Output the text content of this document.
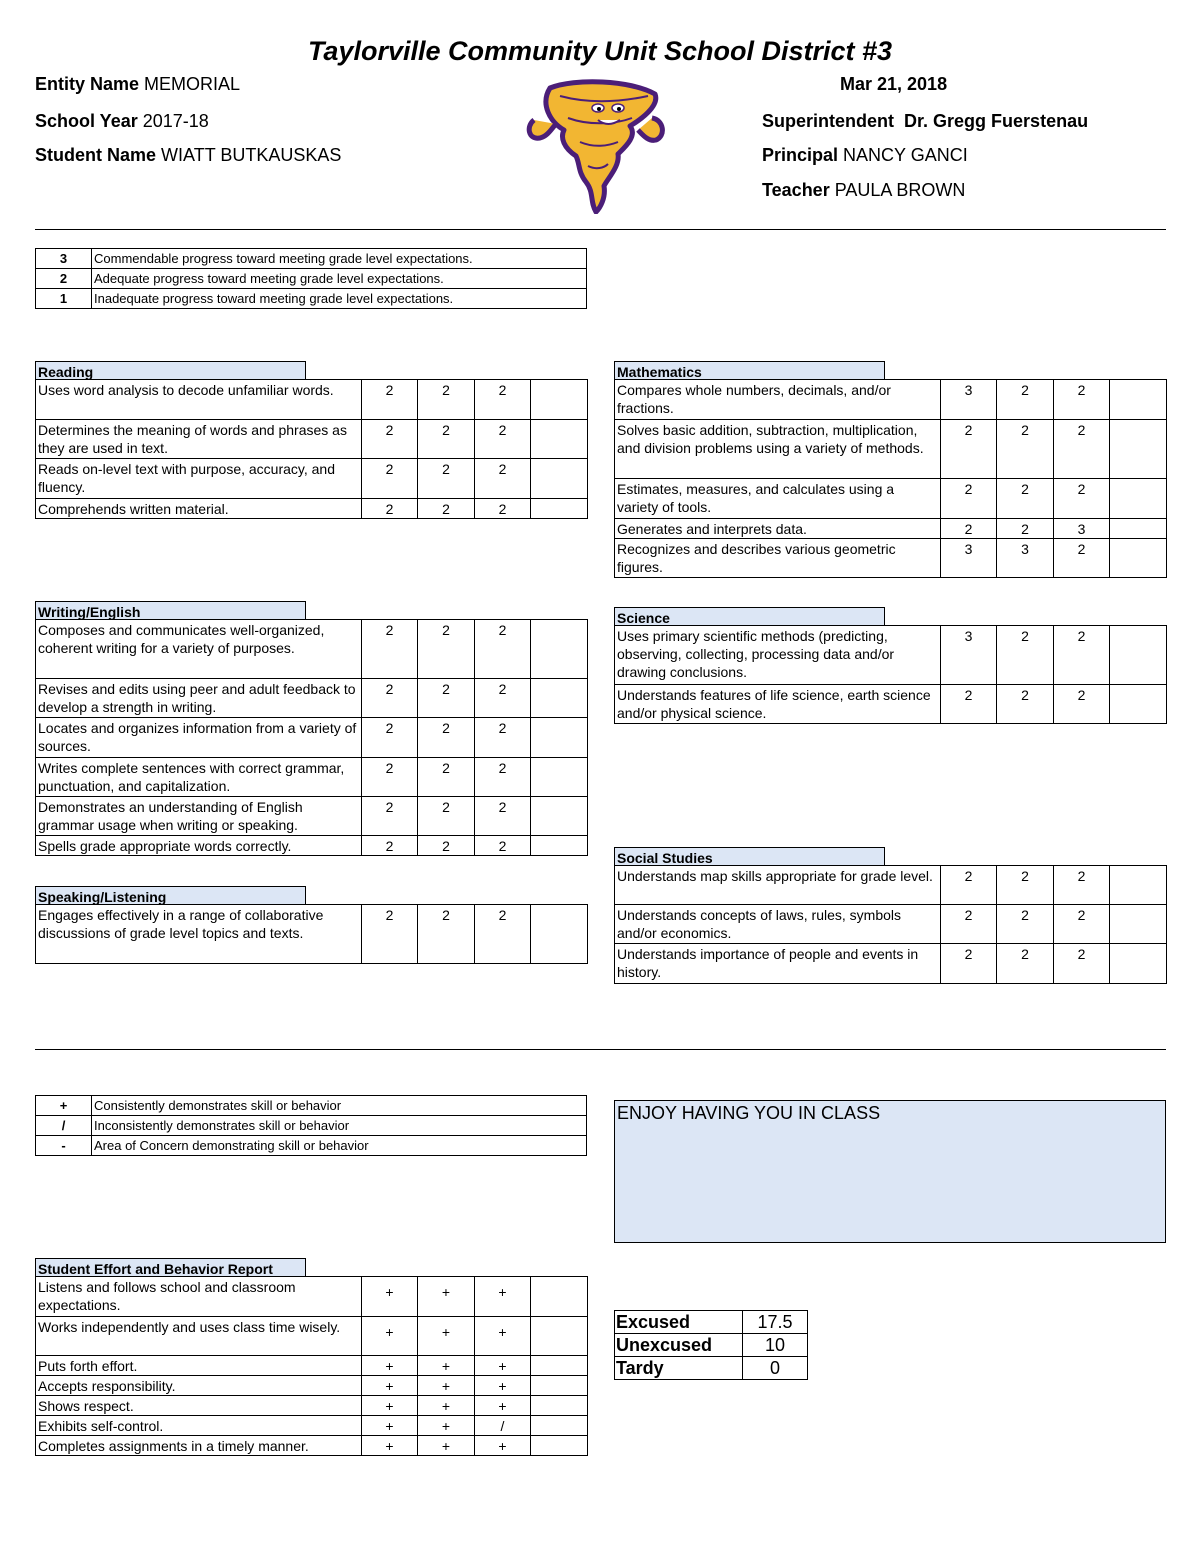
Taylorville Community Unit School District #3
Entity Name MEMORIAL
School Year 2017-18
Student Name WIATT BUTKAUSKAS
Mar 21, 2018
Superintendent Dr. Gregg Fuerstenau
Principal NANCY GANCI
Teacher PAULA BROWN
3	Commendable progress toward meeting grade level expectations.
2	Adequate progress toward meeting grade level expectations.
1	Inadequate progress toward meeting grade level expectations.
Reading
Uses word analysis to decode unfamiliar words.	2	2	2	
Determines the meaning of words and phrases as they are used in text.	2	2	2	
Reads on-level text with purpose, accuracy, and fluency.	2	2	2	
Comprehends written material.	2	2	2	
Writing/English
Composes and communicates well-organized, coherent writing for a variety of purposes.	2	2	2	
Revises and edits using peer and adult feedback to develop a strength in writing.	2	2	2	
Locates and organizes information from a variety of sources.	2	2	2	
Writes complete sentences with correct grammar, punctuation, and capitalization.	2	2	2	
Demonstrates an understanding of English grammar usage when writing or speaking.	2	2	2	
Spells grade appropriate words correctly.	2	2	2	
Speaking/Listening
Engages effectively in a range of collaborative discussions of grade level topics and texts.	2	2	2	
Mathematics
Compares whole numbers, decimals, and/or fractions.	3	2	2	
Solves basic addition, subtraction, multiplication, and division problems using a variety of methods.	2	2	2	
Estimates, measures, and calculates using a variety of tools.	2	2	2	
Generates and interprets data.	2	2	3	
Recognizes and describes various geometric figures.	3	3	2	
Science
Uses primary scientific methods (predicting, observing, collecting, processing data and/or drawing conclusions.	3	2	2	
Understands features of life science, earth science and/or physical science.	2	2	2	
Social Studies
Understands map skills appropriate for grade level.	2	2	2	
Understands concepts of laws, rules, symbols and/or economics.	2	2	2	
Understands importance of people and events in history.	2	2	2	
+	Consistently demonstrates skill or behavior
/	Inconsistently demonstrates skill or behavior
-	Area of Concern demonstrating skill or behavior
ENJOY HAVING YOU IN CLASS
Student Effort and Behavior Report
Listens and follows school and classroom expectations.	+	+	+	
Works independently and uses class time wisely.	+	+	+	
Puts forth effort.	+	+	+	
Accepts responsibility.	+	+	+	
Shows respect.	+	+	+	
Exhibits self-control.	+	+	/	
Completes assignments in a timely manner.	+	+	+	
Excused	17.5
Unexcused	10
Tardy	0
